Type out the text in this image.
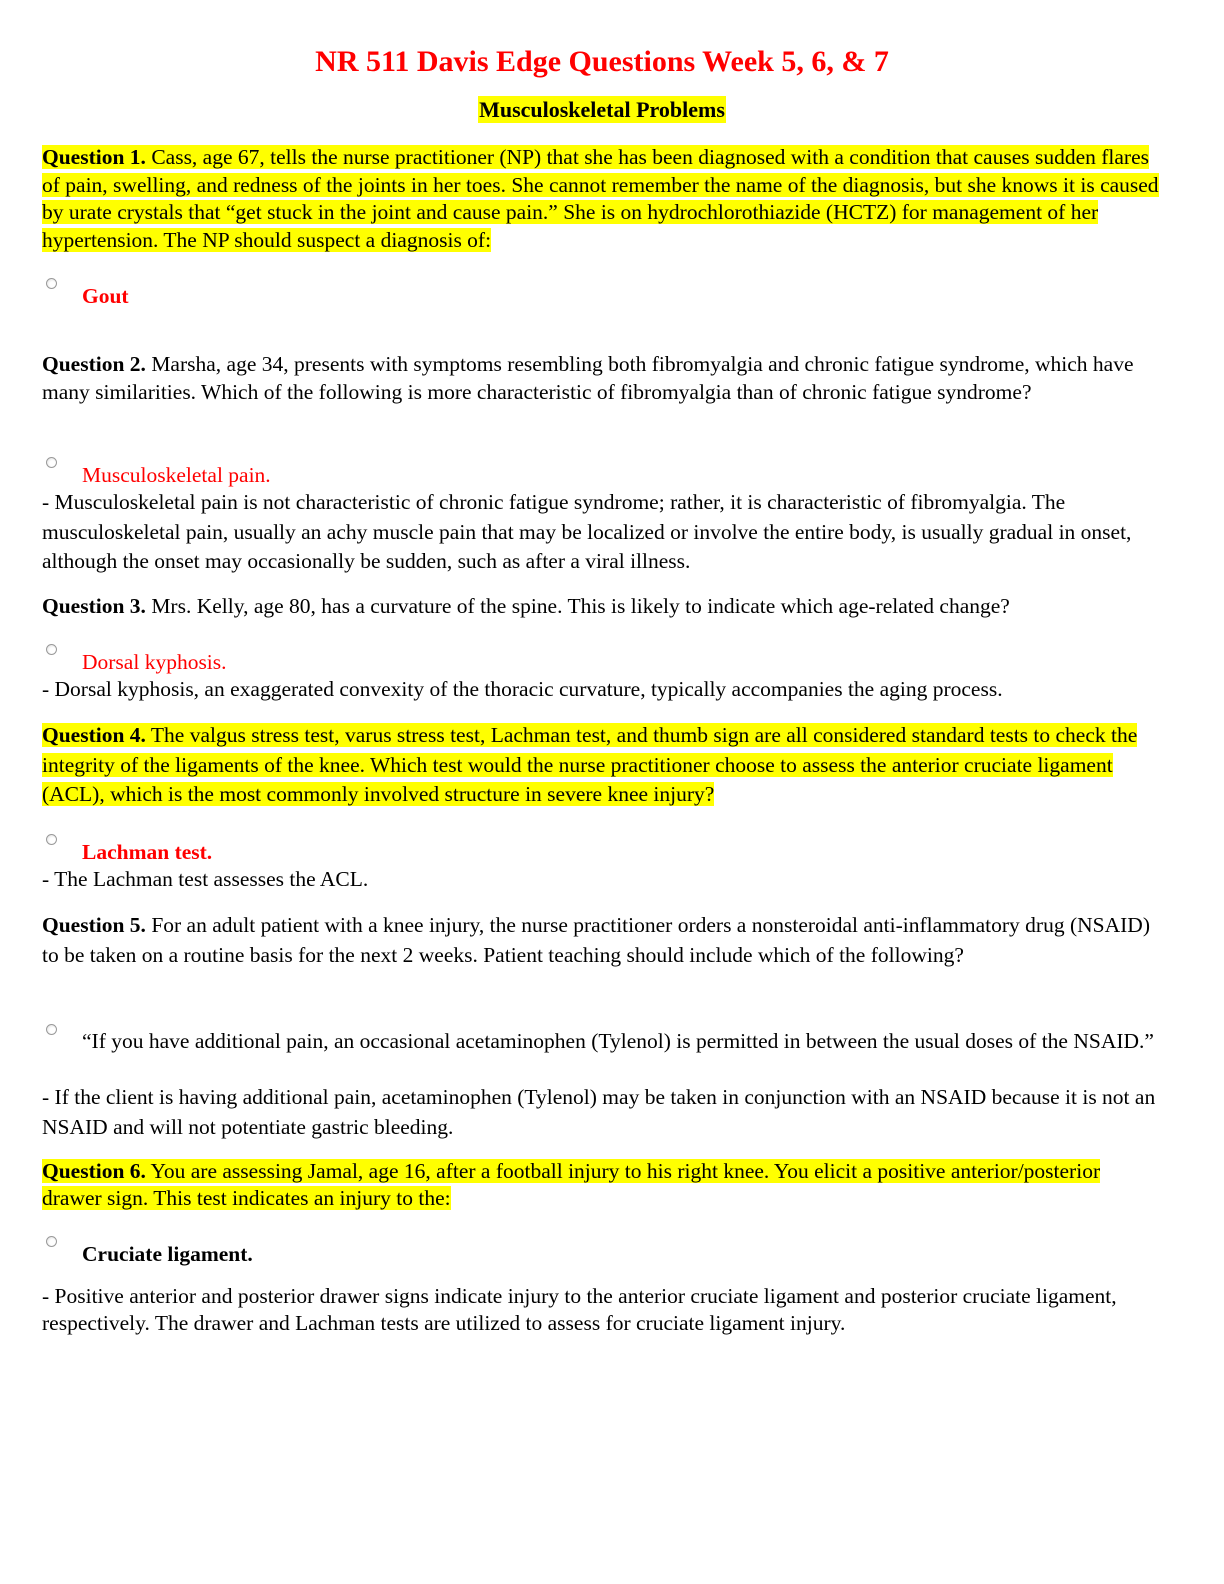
NR 511 Davis Edge Questions Week 5, 6, & 7
Musculoskeletal Problems

Question 1. Cass, age 67, tells the nurse practitioner (NP) that she has been diagnosed with a condition that causes sudden flares of pain, swelling, and redness of the joints in her toes. She cannot remember the name of the diagnosis, but she knows it is caused by urate crystals that “get stuck in the joint and cause pain.” She is on hydrochlorothiazide (HCTZ) for management of her hypertension. The NP should suspect a diagnosis of:

Gout

Question 2. Marsha, age 34, presents with symptoms resembling both fibromyalgia and chronic fatigue syndrome, which have many similarities. Which of the following is more characteristic of fibromyalgia than of chronic fatigue syndrome?

Musculoskeletal pain.

- Musculoskeletal pain is not characteristic of chronic fatigue syndrome; rather, it is characteristic of fibromyalgia. The musculoskeletal pain, usually an achy muscle pain that may be localized or involve the entire body, is usually gradual in onset, although the onset may occasionally be sudden, such as after a viral illness.

Question 3. Mrs. Kelly, age 80, has a curvature of the spine. This is likely to indicate which age-related change?

Dorsal kyphosis.

- Dorsal kyphosis, an exaggerated convexity of the thoracic curvature, typically accompanies the aging process.

Question 4. The valgus stress test, varus stress test, Lachman test, and thumb sign are all considered standard tests to check the integrity of the ligaments of the knee. Which test would the nurse practitioner choose to assess the anterior cruciate ligament (ACL), which is the most commonly involved structure in severe knee injury?

Lachman test.

- The Lachman test assesses the ACL.

Question 5. For an adult patient with a knee injury, the nurse practitioner orders a nonsteroidal anti-inflammatory drug (NSAID) to be taken on a routine basis for the next 2 weeks. Patient teaching should include which of the following?

“If you have additional pain, an occasional acetaminophen (Tylenol) is permitted in between the usual doses of the NSAID.”

- If the client is having additional pain, acetaminophen (Tylenol) may be taken in conjunction with an NSAID because it is not an NSAID and will not potentiate gastric bleeding.

Question 6. You are assessing Jamal, age 16, after a football injury to his right knee. You elicit a positive anterior/posterior drawer sign. This test indicates an injury to the:

Cruciate ligament.

- Positive anterior and posterior drawer signs indicate injury to the anterior cruciate ligament and posterior cruciate ligament, respectively. The drawer and Lachman tests are utilized to assess for cruciate ligament injury.
